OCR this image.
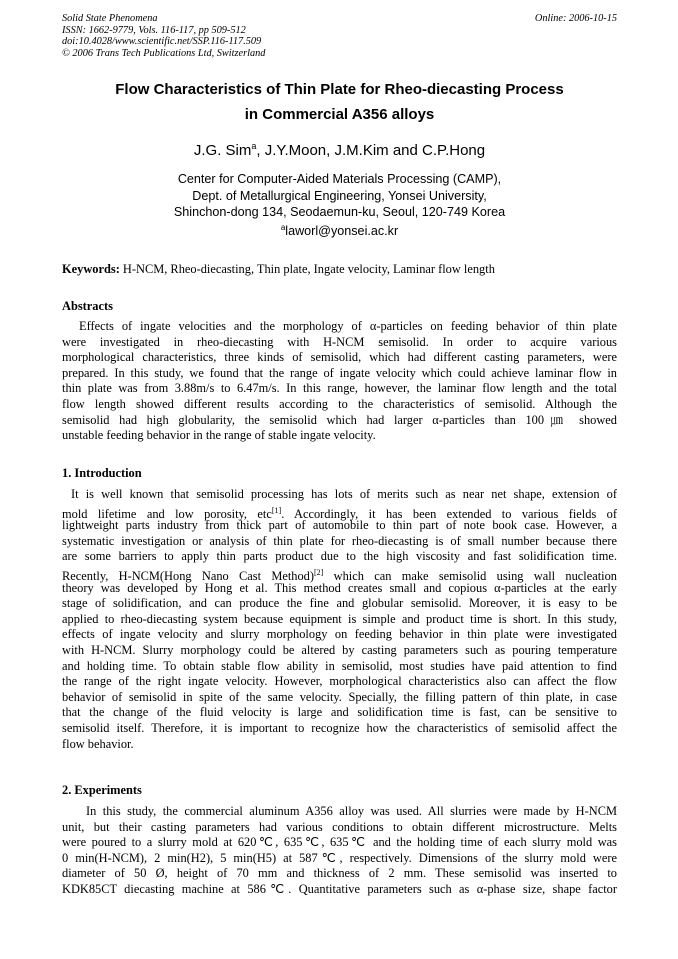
Solid State Phenomena
ISSN: 1662-9779, Vols. 116-117, pp 509-512
doi:10.4028/www.scientific.net/SSP.116-117.509
© 2006 Trans Tech Publications Ltd, Switzerland
Online: 2006-10-15
Flow Characteristics of Thin Plate for Rheo-diecasting Process
in Commercial A356 alloys
J.G. Sim$^a$, J.Y.Moon, J.M.Kim and C.P.Hong
Center for Computer-Aided Materials Processing (CAMP),
Dept. of Metallurgical Engineering, Yonsei University,
Shinchon-dong 134, Seodaemun-ku, Seoul, 120-749 Korea
$^a$laworl@yonsei.ac.kr
Keywords: H-NCM, Rheo-diecasting, Thin plate, Ingate velocity, Laminar flow length
Abstracts
Effects of ingate velocities and the morphology of α-particles on feeding behavior of thin plate
were investigated in rheo-diecasting with H-NCM semisolid. In order to acquire various
morphological characteristics, three kinds of semisolid, which had different casting parameters, were
prepared. In this study, we found that the range of ingate velocity which could achieve laminar flow in
thin plate was from 3.88m/s to 6.47m/s. In this range, however, the laminar flow length and the total
flow length showed different results according to the characteristics of semisolid. Although the
semisolid had high globularity, the semisolid which had larger α-particles than 100㎛ showed
unstable feeding behavior in the range of stable ingate velocity.
1. Introduction
It is well known that semisolid processing has lots of merits such as near net shape, extension of
mold lifetime and low porosity, etc[1]. Accordingly, it has been extended to various fields of
lightweight parts industry from thick part of automobile to thin part of note book case. However, a
systematic investigation or analysis of thin plate for rheo-diecasting is of small number because there
are some barriers to apply thin parts product due to the high viscosity and fast solidification time.
Recently, H-NCM(Hong Nano Cast Method)[2] which can make semisolid using wall nucleation
theory was developed by Hong et al. This method creates small and copious α-particles at the early
stage of solidification, and can produce the fine and globular semisolid. Moreover, it is easy to be
applied to rheo-diecasting system because equipment is simple and product time is short. In this study,
effects of ingate velocity and slurry morphology on feeding behavior in thin plate were investigated
with H-NCM. Slurry morphology could be altered by casting parameters such as pouring temperature
and holding time. To obtain stable flow ability in semisolid, most studies have paid attention to find
the range of the right ingate velocity. However, morphological characteristics also can affect the flow
behavior of semisolid in spite of the same velocity. Specially, the filling pattern of thin plate, in case
that the change of the fluid velocity is large and solidification time is fast, can be sensitive to
semisolid itself. Therefore, it is important to recognize how the characteristics of semisolid affect the
flow behavior.
2. Experiments
In this study, the commercial aluminum A356 alloy was used. All slurries were made by H-NCM
unit, but their casting parameters had various conditions to obtain different microstructure. Melts
were poured to a slurry mold at 620℃, 635℃, 635℃ and the holding time of each slurry mold was
0 min(H-NCM), 2 min(H2), 5 min(H5) at 587℃, respectively. Dimensions of the slurry mold were
diameter of 50 Ø, height of 70 mm and thickness of 2 mm. These semisolid was inserted to
KDK85CT diecasting machine at 586℃. Quantitative parameters such as α-phase size, shape factor
